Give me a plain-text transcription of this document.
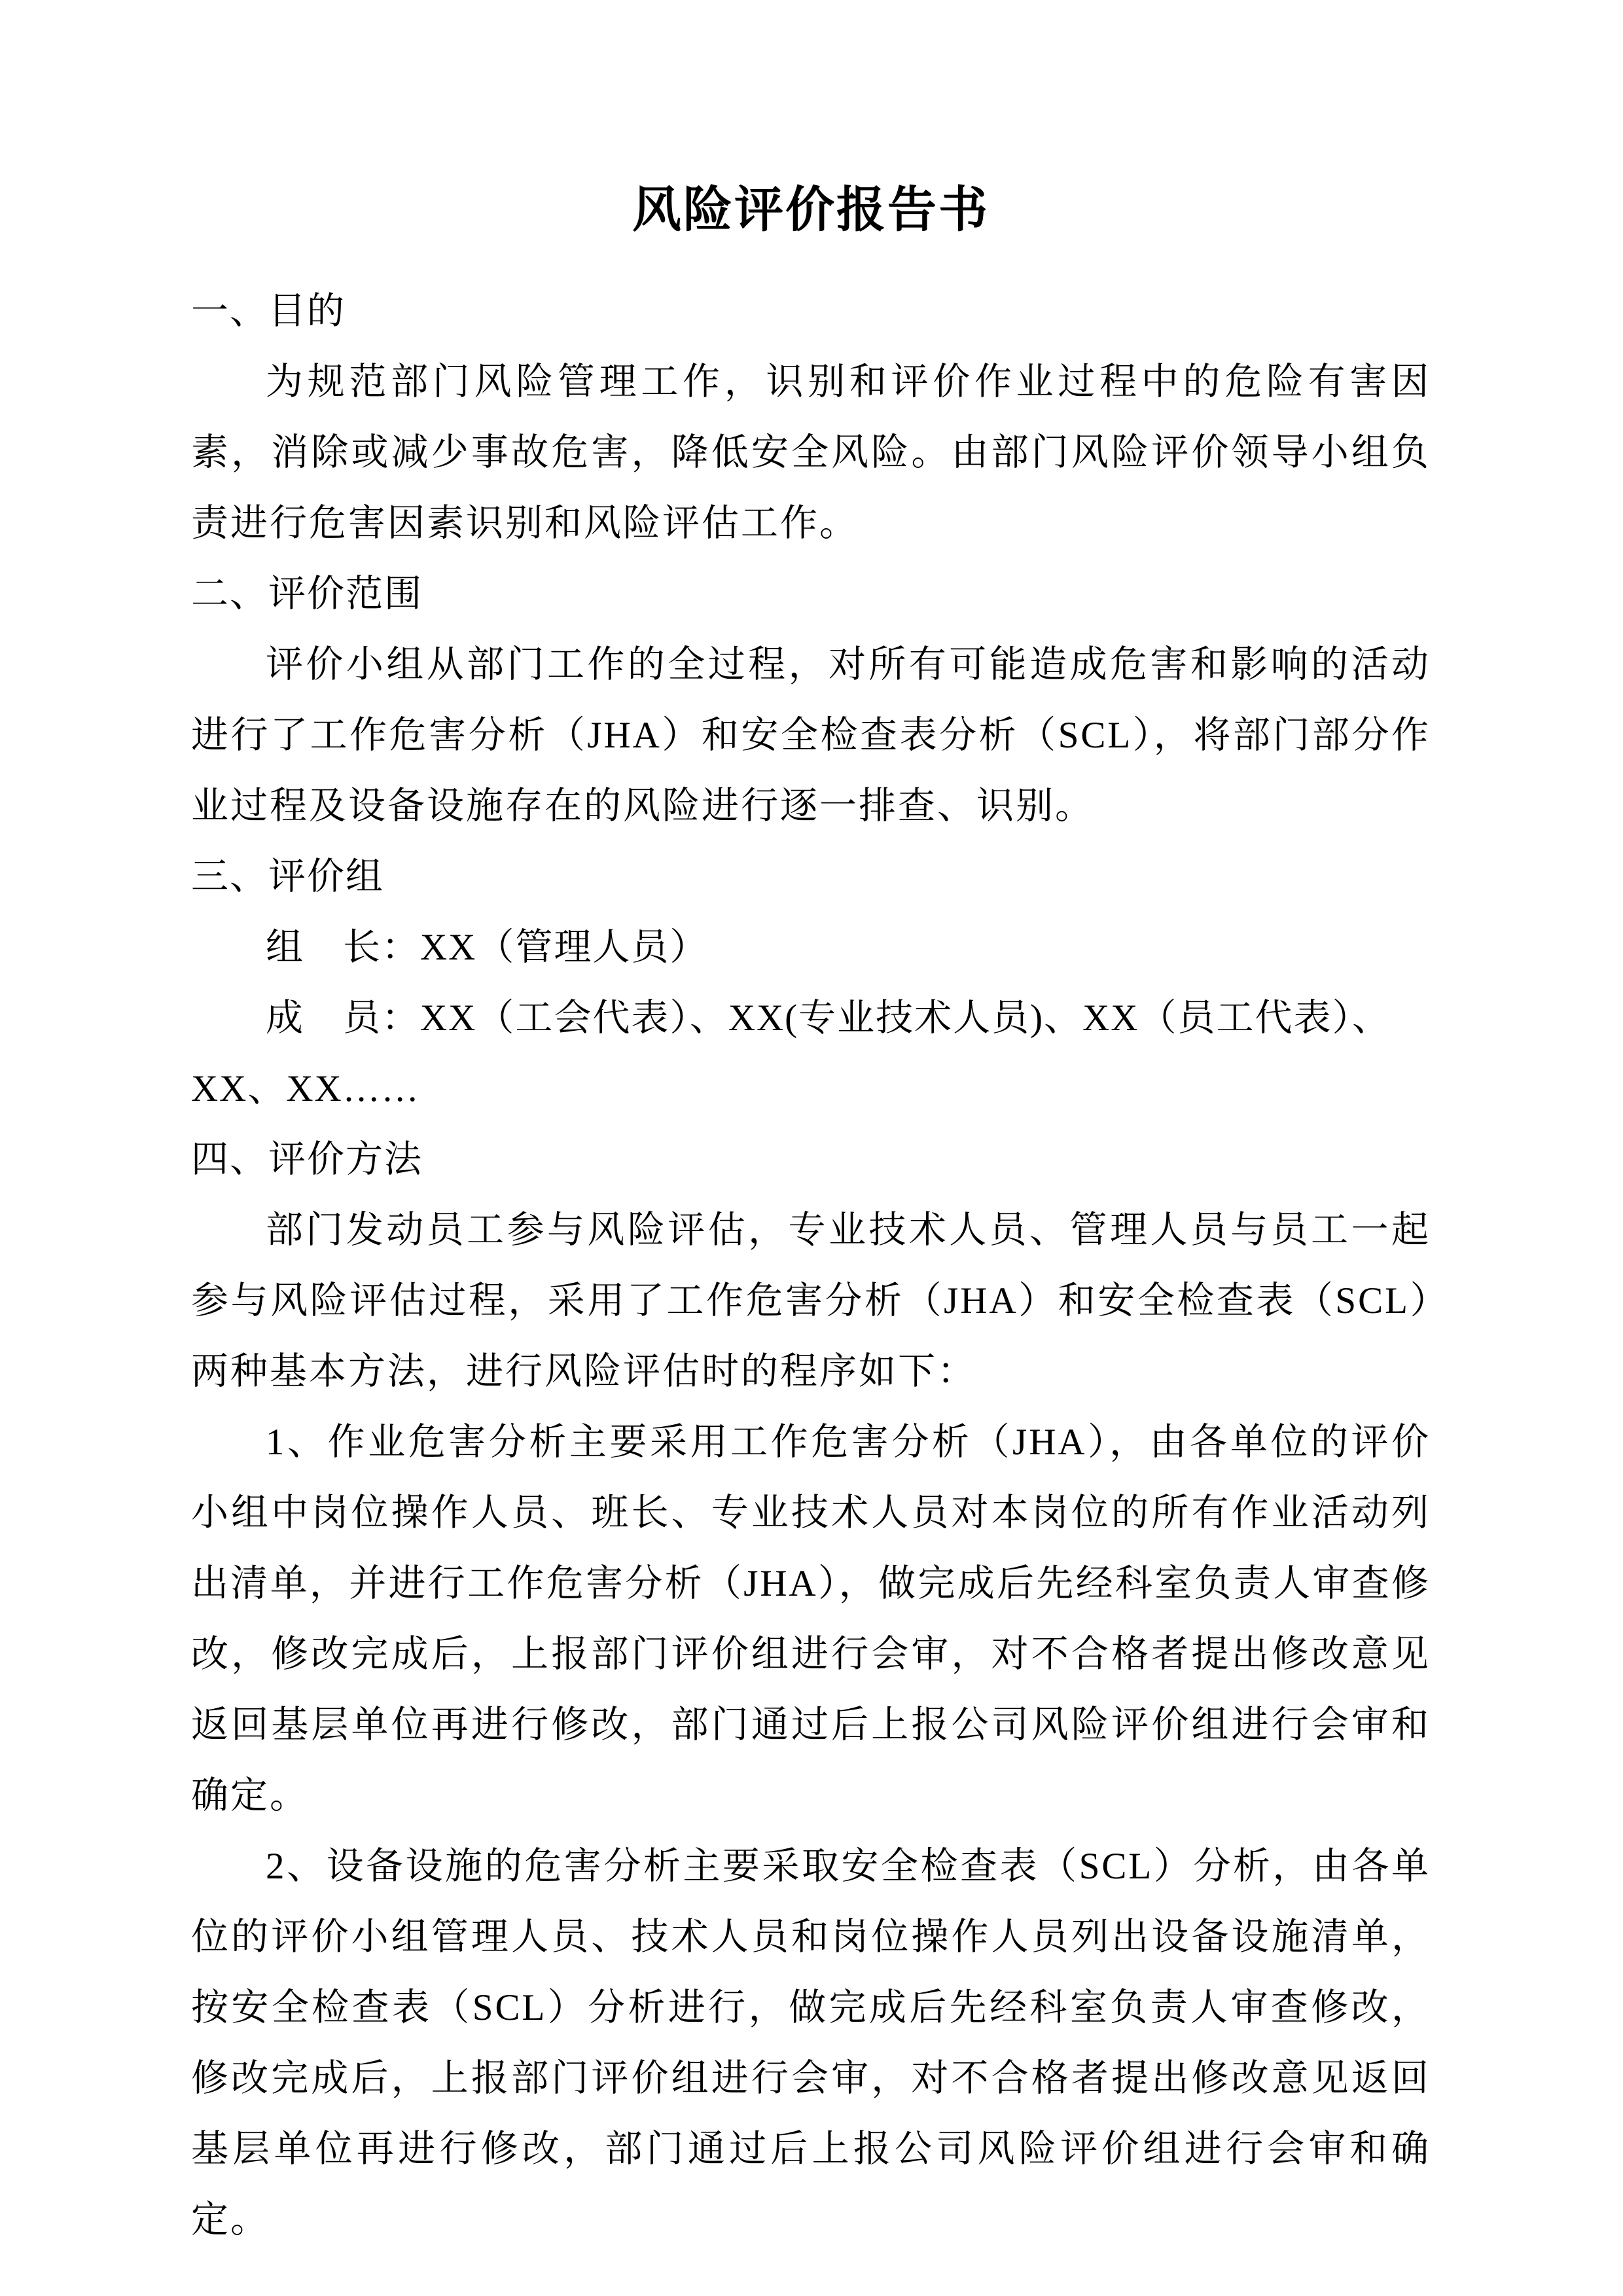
风险评价报告书
一、目的

为规范部门风险管理工作，识别和评价作业过程中的危险有害因素，消除或减少事故危害，降低安全风险。由部门风险评价领导小组负责进行危害因素识别和风险评估工作。

二、评价范围

评价小组从部门工作的全过程，对所有可能造成危害和影响的活动进行了工作危害分析（JHA）和安全检查表分析（SCL），将部门部分作业过程及设备设施存在的风险进行逐一排查、识别。

三、评价组

组　长：XX（管理人员）

成　员：XX（工会代表）、XX(专业技术人员)、XX（员工代表）、XX、XX……

四、评价方法

部门发动员工参与风险评估，专业技术人员、管理人员与员工一起参与风险评估过程，采用了工作危害分析（JHA）和安全检查表（SCL）两种基本方法，进行风险评估时的程序如下：

1、作业危害分析主要采用工作危害分析（JHA），由各单位的评价小组中岗位操作人员、班长、专业技术人员对本岗位的所有作业活动列出清单，并进行工作危害分析（JHA），做完成后先经科室负责人审查修改，修改完成后，上报部门评价组进行会审，对不合格者提出修改意见返回基层单位再进行修改，部门通过后上报公司风险评价组进行会审和确定。

2、设备设施的危害分析主要采取安全检查表（SCL）分析，由各单位的评价小组管理人员、技术人员和岗位操作人员列出设备设施清单，按安全检查表（SCL）分析进行，做完成后先经科室负责人审查修改，修改完成后，上报部门评价组进行会审，对不合格者提出修改意见返回基层单位再进行修改，部门通过后上报公司风险评价组进行会审和确定。
